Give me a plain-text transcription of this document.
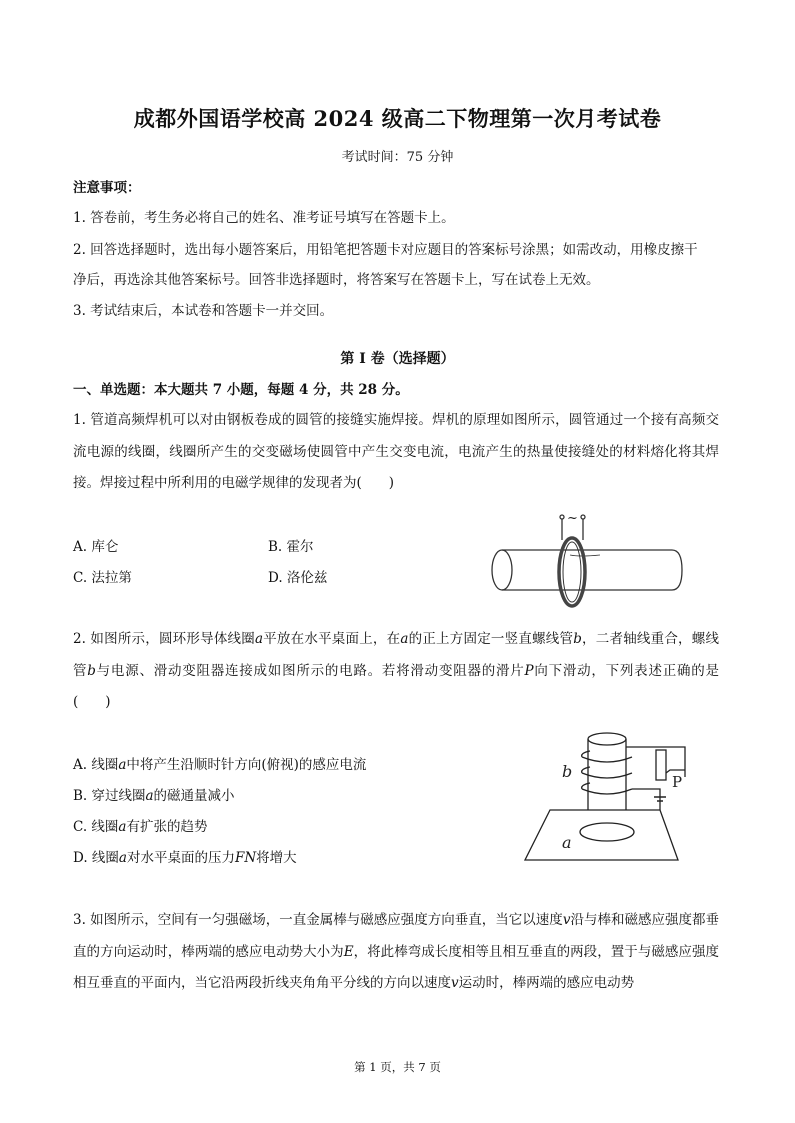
成都外国语学校高 2024 级高二下物理第一次月考试卷
考试时间：75 分钟
注意事项：
1. 答卷前，考生务必将自己的姓名、准考证号填写在答题卡上。
2. 回答选择题时，选出每小题答案后，用铅笔把答题卡对应题目的答案标号涂黑；如需改动，用橡皮擦干
净后，再选涂其他答案标号。回答非选择题时，将答案写在答题卡上，写在试卷上无效。
3. 考试结束后，本试卷和答题卡一并交回。
第 I 卷（选择题）
一、单选题：本大题共 7 小题，每题 4 分，共 28 分。
1. 管道高频焊机可以对由钢板卷成的圆管的接缝实施焊接。焊机的原理如图所示，圆管通过一个接有高频交流电源的线圈，线圈所产生的交变磁场使圆管中产生交变电流，电流产生的热量使接缝处的材料熔化将其焊接。焊接过程中所利用的电磁学规律的发现者为(　　)
A. 库仑	B. 霍尔
C. 法拉第	D. 洛伦兹
~
2. 如图所示，圆环形导体线圈𝑎平放在水平桌面上，在𝑎的正上方固定一竖直螺线管𝑏，二者轴线重合，螺线管𝑏与电源、滑动变阻器连接成如图所示的电路。若将滑动变阻器的滑片𝑃向下滑动，下列表述正确的是(　　)
A. 线圈𝑎中将产生沿顺时针方向(俯视)的感应电流
B. 穿过线圈𝑎的磁通量减小
C. 线圈𝑎有扩张的趋势
D. 线圈𝑎对水平桌面的压力𝐹𝑁将增大
b
P
a
3. 如图所示，空间有一匀强磁场，一直金属棒与磁感应强度方向垂直，当它以速度𝑣沿与棒和磁感应强度都垂直的方向运动时，棒两端的感应电动势大小为𝐸，将此棒弯成长度相等且相互垂直的两段，置于与磁感应强度相互垂直的平面内，当它沿两段折线夹角角平分线的方向以速度𝑣运动时，棒两端的感应电动势
第 1 页，共 7 页
